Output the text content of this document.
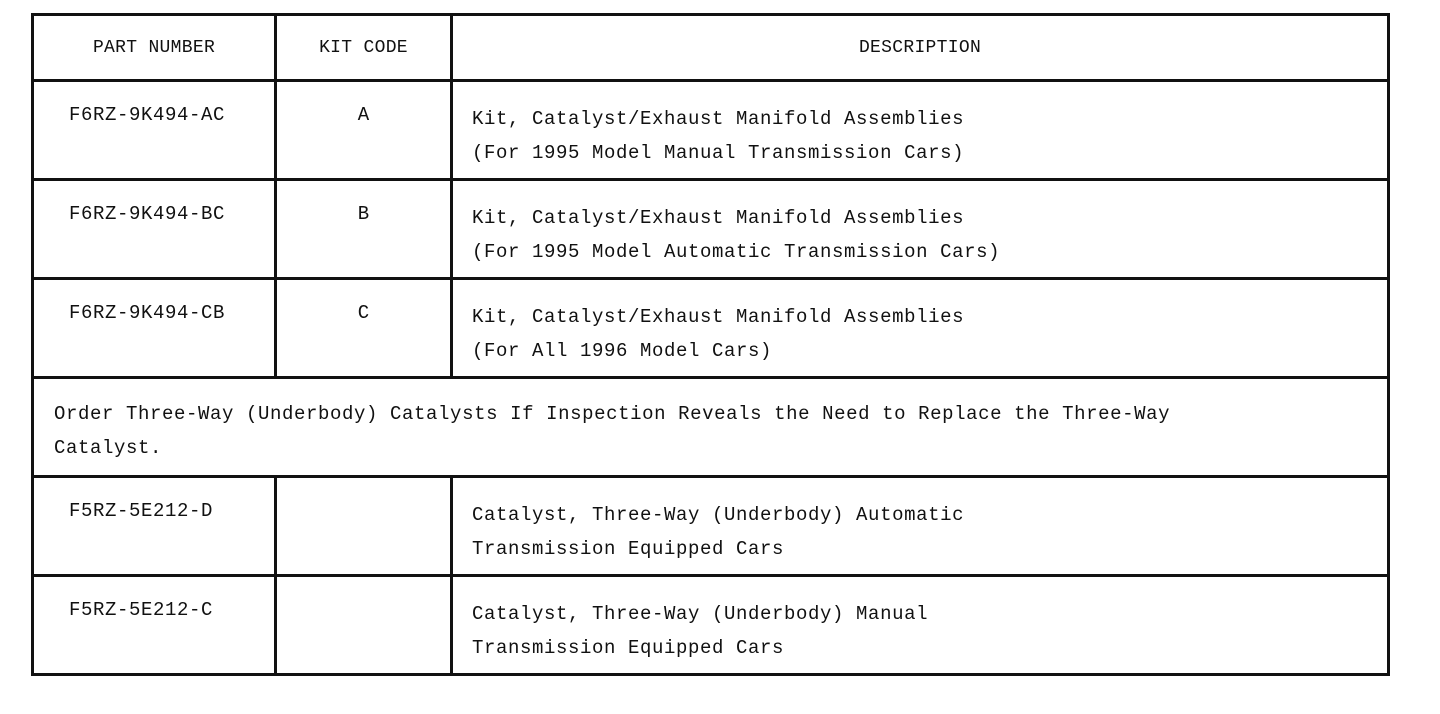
PART NUMBER	KIT CODE	DESCRIPTION

F6RZ-9K494-AC	A	Kit, Catalyst/Exhaust Manifold Assemblies
(For 1995 Model Manual Transmission Cars)

F6RZ-9K494-BC	B	Kit, Catalyst/Exhaust Manifold Assemblies
(For 1995 Model Automatic Transmission Cars)

F6RZ-9K494-CB	C	Kit, Catalyst/Exhaust Manifold Assemblies
(For All 1996 Model Cars)

Order Three-Way (Underbody) Catalysts If Inspection Reveals the Need to Replace the Three-Way
Catalyst.		

F5RZ-5E212-D		Catalyst, Three-Way (Underbody) Automatic
Transmission Equipped Cars

F5RZ-5E212-C		Catalyst, Three-Way (Underbody) Manual
Transmission Equipped Cars
